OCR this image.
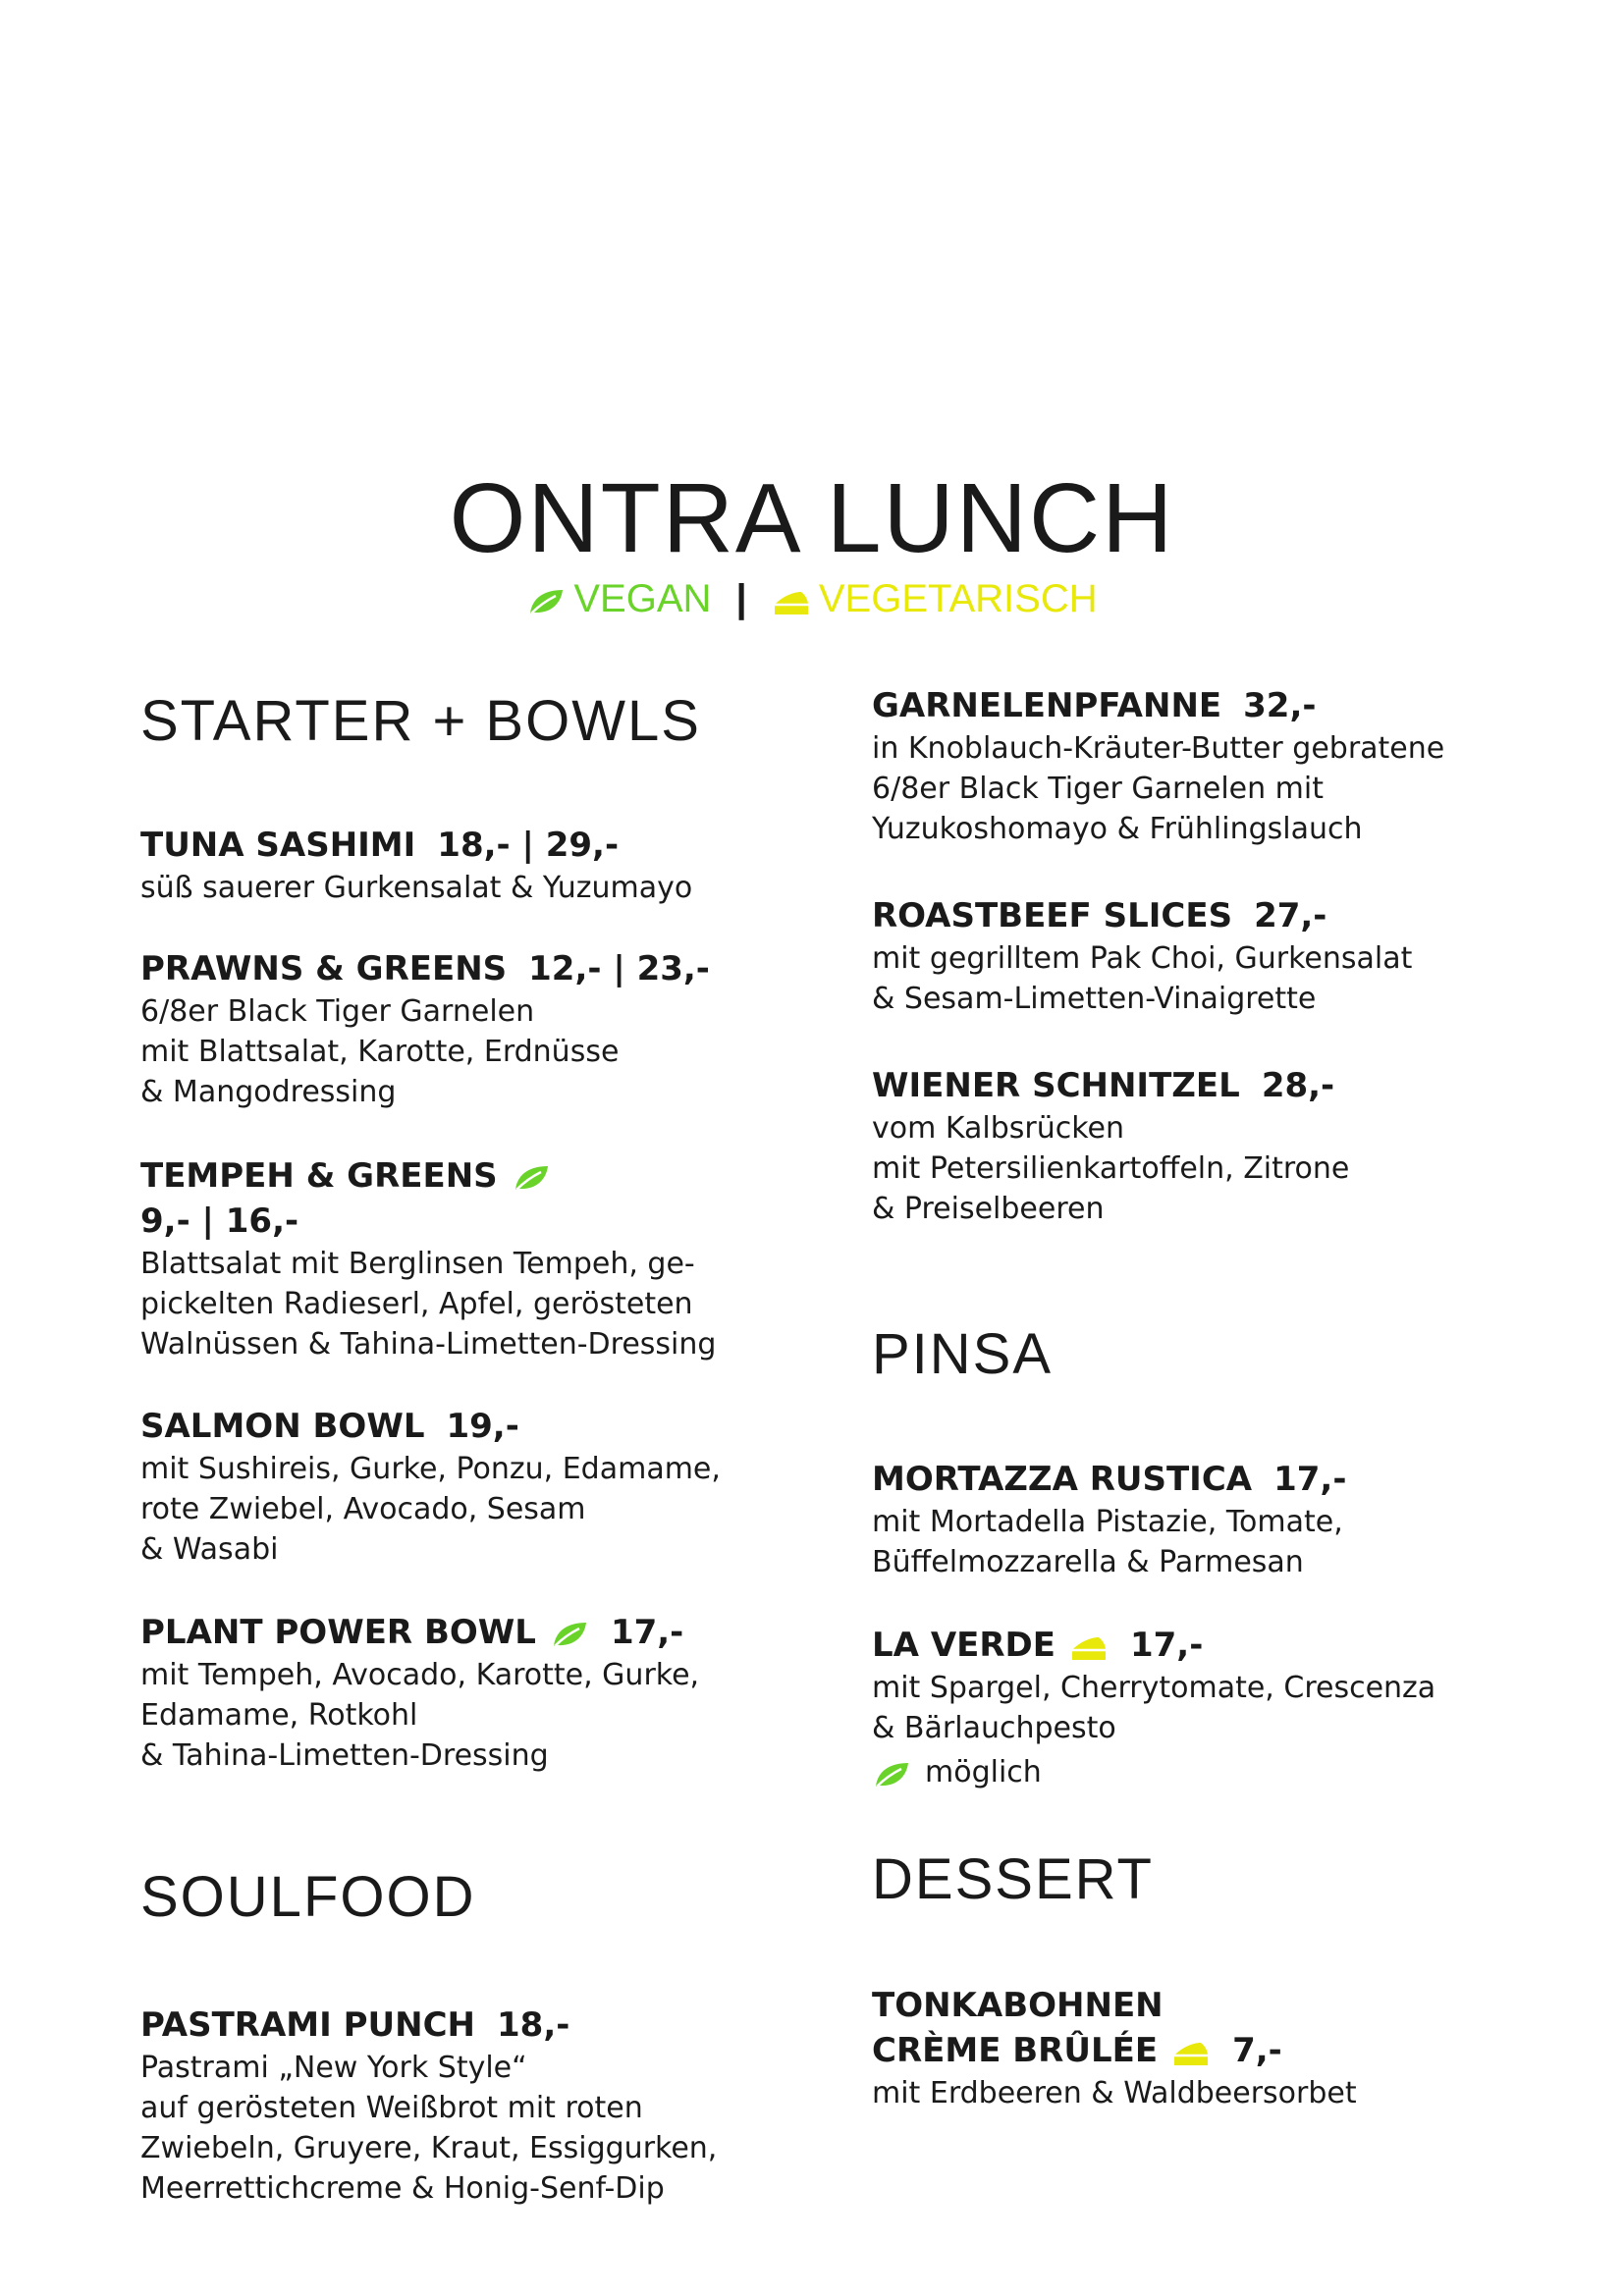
ONTRA LUNCH
VEGAN | VEGETARISCH
STARTER + BOWLS
TUNA SASHIMI 18,- | 29,-
süß sauerer Gurkensalat & Yuzumayo
PRAWNS & GREENS 12,- | 23,-
6/8er Black Tiger Garnelen
mit Blattsalat, Karotte, Erdnüsse
& Mangodressing
TEMPEH & GREENS
9,- | 16,-
Blattsalat mit Berglinsen Tempeh, ge-
pickelten Radieserl, Apfel, gerösteten
Walnüssen & Tahina-Limetten-Dressing
SALMON BOWL 19,-
mit Sushireis, Gurke, Ponzu, Edamame,
rote Zwiebel, Avocado, Sesam
& Wasabi
PLANT POWER BOWL 17,-
mit Tempeh, Avocado, Karotte, Gurke,
Edamame, Rotkohl
& Tahina-Limetten-Dressing
SOULFOOD
PASTRAMI PUNCH 18,-
Pastrami „New York Style“
auf gerösteten Weißbrot mit roten
Zwiebeln, Gruyere, Kraut, Essiggurken,
Meerrettichcreme & Honig-Senf-Dip
GARNELENPFANNE 32,-
in Knoblauch-Kräuter-Butter gebratene
6/8er Black Tiger Garnelen mit
Yuzukoshomayo & Frühlingslauch
ROASTBEEF SLICES 27,-
mit gegrilltem Pak Choi, Gurkensalat
& Sesam-Limetten-Vinaigrette
WIENER SCHNITZEL 28,-
vom Kalbsrücken
mit Petersilienkartoffeln, Zitrone
& Preiselbeeren
PINSA
MORTAZZA RUSTICA 17,-
mit Mortadella Pistazie, Tomate,
Büffelmozzarella & Parmesan
LA VERDE 17,-
mit Spargel, Cherrytomate, Crescenza
& Bärlauchpesto
möglich
DESSERT
TONKABOHNEN
CRÈME BRÛLÉE 7,-
mit Erdbeeren & Waldbeersorbet
